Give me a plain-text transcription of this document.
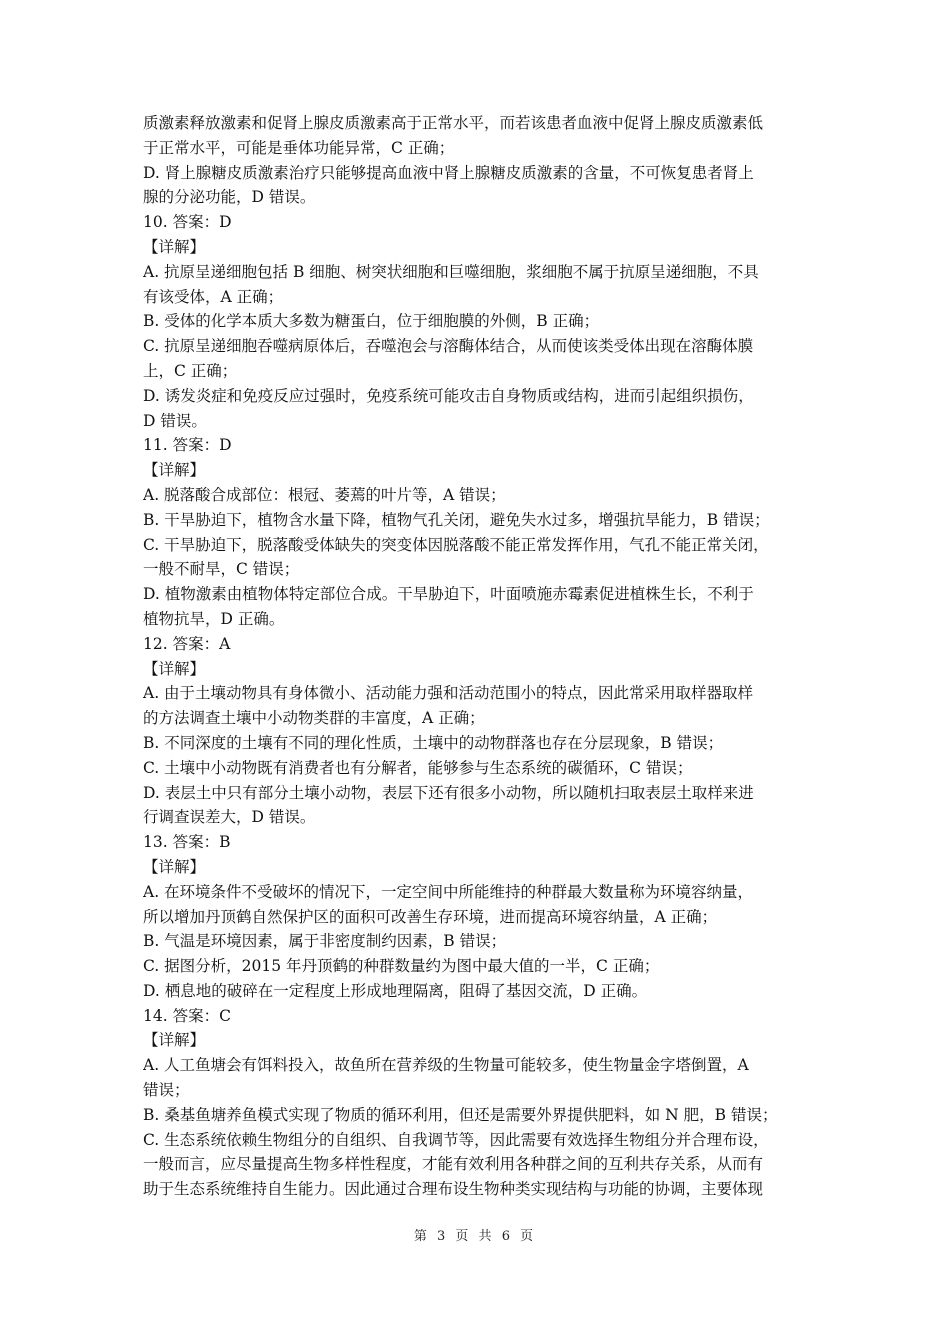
质激素释放激素和促肾上腺皮质激素高于正常水平，而若该患者血液中促肾上腺皮质激素低
于正常水平，可能是垂体功能异常，C 正确；
D. 肾上腺糖皮质激素治疗只能够提高血液中肾上腺糖皮质激素的含量，不可恢复患者肾上
腺的分泌功能，D 错误。
10. 答案：D
【详解】
A. 抗原呈递细胞包括 B 细胞、树突状细胞和巨噬细胞，浆细胞不属于抗原呈递细胞，不具
有该受体，A 正确；
B. 受体的化学本质大多数为糖蛋白，位于细胞膜的外侧，B 正确；
C. 抗原呈递细胞吞噬病原体后，吞噬泡会与溶酶体结合，从而使该类受体出现在溶酶体膜
上，C 正确；
D. 诱发炎症和免疫反应过强时，免疫系统可能攻击自身物质或结构，进而引起组织损伤，
D 错误。
11. 答案：D
【详解】
A. 脱落酸合成部位：根冠、萎蔫的叶片等，A 错误；
B. 干旱胁迫下，植物含水量下降，植物气孔关闭，避免失水过多，增强抗旱能力，B 错误；
C. 干旱胁迫下，脱落酸受体缺失的突变体因脱落酸不能正常发挥作用，气孔不能正常关闭，
一般不耐旱，C 错误；
D. 植物激素由植物体特定部位合成。干旱胁迫下，叶面喷施赤霉素促进植株生长，不利于
植物抗旱，D 正确。
12. 答案：A
【详解】
A. 由于土壤动物具有身体微小、活动能力强和活动范围小的特点，因此常采用取样器取样
的方法调查土壤中小动物类群的丰富度，A 正确；
B. 不同深度的土壤有不同的理化性质，土壤中的动物群落也存在分层现象，B 错误；
C. 土壤中小动物既有消费者也有分解者，能够参与生态系统的碳循环，C 错误；
D. 表层土中只有部分土壤小动物，表层下还有很多小动物，所以随机扫取表层土取样来进
行调查误差大，D 错误。
13. 答案：B
【详解】
A. 在环境条件不受破坏的情况下，一定空间中所能维持的种群最大数量称为环境容纳量，
所以增加丹顶鹤自然保护区的面积可改善生存环境，进而提高环境容纳量，A 正确；
B. 气温是环境因素，属于非密度制约因素，B 错误；
C. 据图分析，2015 年丹顶鹤的种群数量约为图中最大值的一半，C 正确；
D. 栖息地的破碎在一定程度上形成地理隔离，阻碍了基因交流，D 正确。
14. 答案：C
【详解】
A. 人工鱼塘会有饵料投入，故鱼所在营养级的生物量可能较多，使生物量金字塔倒置，A
错误；
B. 桑基鱼塘养鱼模式实现了物质的循环利用，但还是需要外界提供肥料，如 N 肥，B 错误；
C. 生态系统依赖生物组分的自组织、自我调节等，因此需要有效选择生物组分并合理布设，
一般而言，应尽量提高生物多样性程度，才能有效利用各种群之间的互利共存关系，从而有
助于生态系统维持自生能力。因此通过合理布设生物种类实现结构与功能的协调，主要体现
第 3 页 共 6 页
